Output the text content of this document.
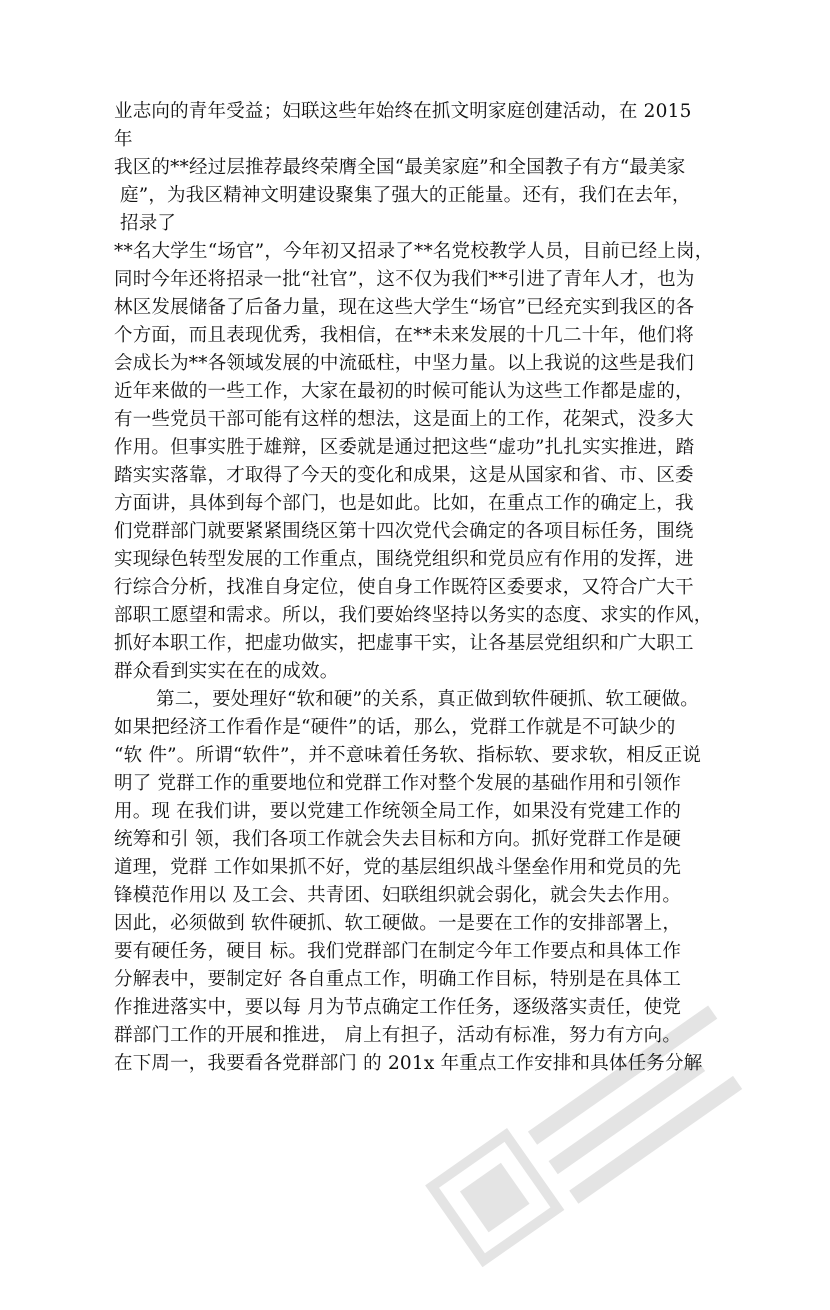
业志向的青年受益；妇联这些年始终在抓文明家庭创建活动，在 2015
年
我区的**经过层推荐最终荣膺全国“最美家庭”和全国教子有方“最美家
庭”，为我区精神文明建设聚集了强大的正能量。还有，我们在去年，
招录了
**名大学生“场官”，今年初又招录了**名党校教学人员，目前已经上岗，
同时今年还将招录一批“社官”，这不仅为我们**引进了青年人才，也为
林区发展储备了后备力量，现在这些大学生“场官”已经充实到我区的各
个方面，而且表现优秀，我相信，在**未来发展的十几二十年，他们将
会成长为**各领域发展的中流砥柱，中坚力量。以上我说的这些是我们
近年来做的一些工作，大家在最初的时候可能认为这些工作都是虚的，
有一些党员干部可能有这样的想法，这是面上的工作，花架式，没多大
作用。但事实胜于雄辩，区委就是通过把这些“虚功”扎扎实实推进，踏
踏实实落靠，才取得了今天的变化和成果，这是从国家和省、市、区委
方面讲，具体到每个部门，也是如此。比如，在重点工作的确定上，我
们党群部门就要紧紧围绕区第十四次党代会确定的各项目标任务，围绕
实现绿色转型发展的工作重点，围绕党组织和党员应有作用的发挥，进
行综合分析，找准自身定位，使自身工作既符区委要求，又符合广大干
部职工愿望和需求。所以，我们要始终坚持以务实的态度、求实的作风，
抓好本职工作，把虚功做实，把虚事干实，让各基层党组织和广大职工
群众看到实实在在的成效。
第二，要处理好“软和硬”的关系，真正做到软件硬抓、软工硬做。
如果把经济工作看作是“硬件”的话，那么，党群工作就是不可缺少的
“软 件”。所谓“软件”，并不意味着任务软、指标软、要求软，相反正说
明了 党群工作的重要地位和党群工作对整个发展的基础作用和引领作
用。现 在我们讲，要以党建工作统领全局工作，如果没有党建工作的
统筹和引 领，我们各项工作就会失去目标和方向。抓好党群工作是硬
道理，党群 工作如果抓不好，党的基层组织战斗堡垒作用和党员的先
锋模范作用以 及工会、共青团、妇联组织就会弱化，就会失去作用。
因此，必须做到 软件硬抓、软工硬做。一是要在工作的安排部署上，
要有硬任务，硬目 标。我们党群部门在制定今年工作要点和具体工作
分解表中，要制定好 各自重点工作，明确工作目标，特别是在具体工
作推进落实中，要以每 月为节点确定工作任务，逐级落实责任，使党
群部门工作的开展和推进， 肩上有担子，活动有标准，努力有方向。
在下周一，我要看各党群部门 的 201x 年重点工作安排和具体任务分解
